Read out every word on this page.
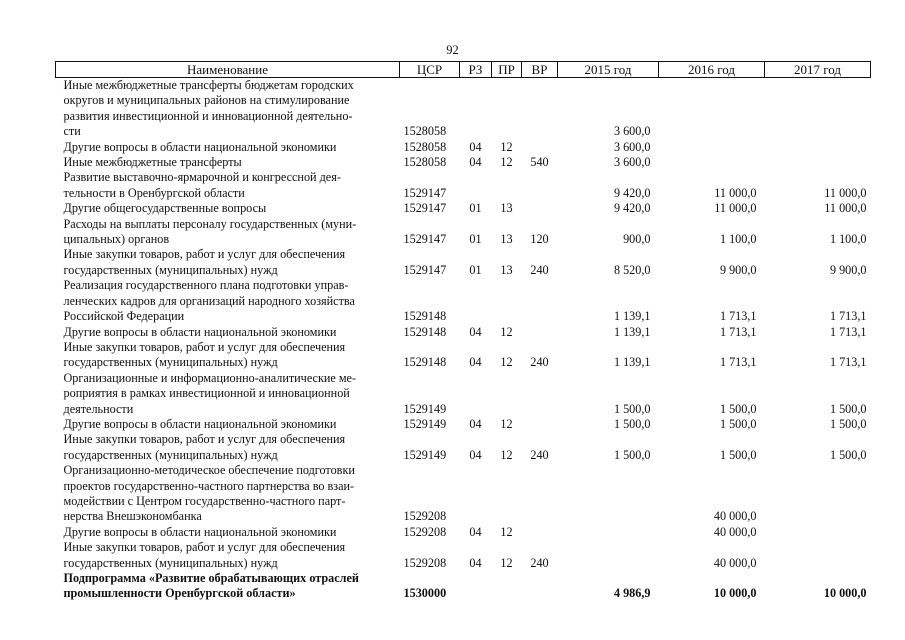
92
Наименование	ЦСР	РЗ	ПР	ВР	2015 год	2016 год	2017 год

Иные межбюджетные трансферты бюджетам городских
округов и муниципальных районов на стимулирование
развития инвестиционной и инновационной деятельно-
сти	1528058				3 600,0		

Другие вопросы в области национальной экономики	1528058	04	12		3 600,0		

Иные межбюджетные трансферты	1528058	04	12	540	3 600,0		

Развитие выставочно-ярмарочной и конгрессной дея-
тельности в Оренбургской области	1529147				9 420,0	11 000,0	11 000,0

Другие общегосударственные вопросы	1529147	01	13		9 420,0	11 000,0	11 000,0

Расходы на выплаты персоналу государственных (муни-
ципальных) органов	1529147	01	13	120	900,0	1 100,0	1 100,0

Иные закупки товаров, работ и услуг для обеспечения
государственных (муниципальных) нужд	1529147	01	13	240	8 520,0	9 900,0	9 900,0

Реализация государственного плана подготовки управ-
ленческих кадров для организаций народного хозяйства
Российской Федерации	1529148				1 139,1	1 713,1	1 713,1

Другие вопросы в области национальной экономики	1529148	04	12		1 139,1	1 713,1	1 713,1

Иные закупки товаров, работ и услуг для обеспечения
государственных (муниципальных) нужд	1529148	04	12	240	1 139,1	1 713,1	1 713,1

Организационные и информационно-аналитические ме-
роприятия в рамках инвестиционной и инновационной
деятельности	1529149				1 500,0	1 500,0	1 500,0

Другие вопросы в области национальной экономики	1529149	04	12		1 500,0	1 500,0	1 500,0

Иные закупки товаров, работ и услуг для обеспечения
государственных (муниципальных) нужд	1529149	04	12	240	1 500,0	1 500,0	1 500,0

Организационно-методическое обеспечение подготовки
проектов государственно-частного партнерства во взаи-
модействии с Центром государственно-частного парт-
нерства Внешэкономбанка	1529208					40 000,0	

Другие вопросы в области национальной экономики	1529208	04	12			40 000,0	

Иные закупки товаров, работ и услуг для обеспечения
государственных (муниципальных) нужд	1529208	04	12	240		40 000,0	

Подпрограмма «Развитие обрабатывающих отраслей
промышленности Оренбургской области»	1530000				4 986,9	10 000,0	10 000,0
